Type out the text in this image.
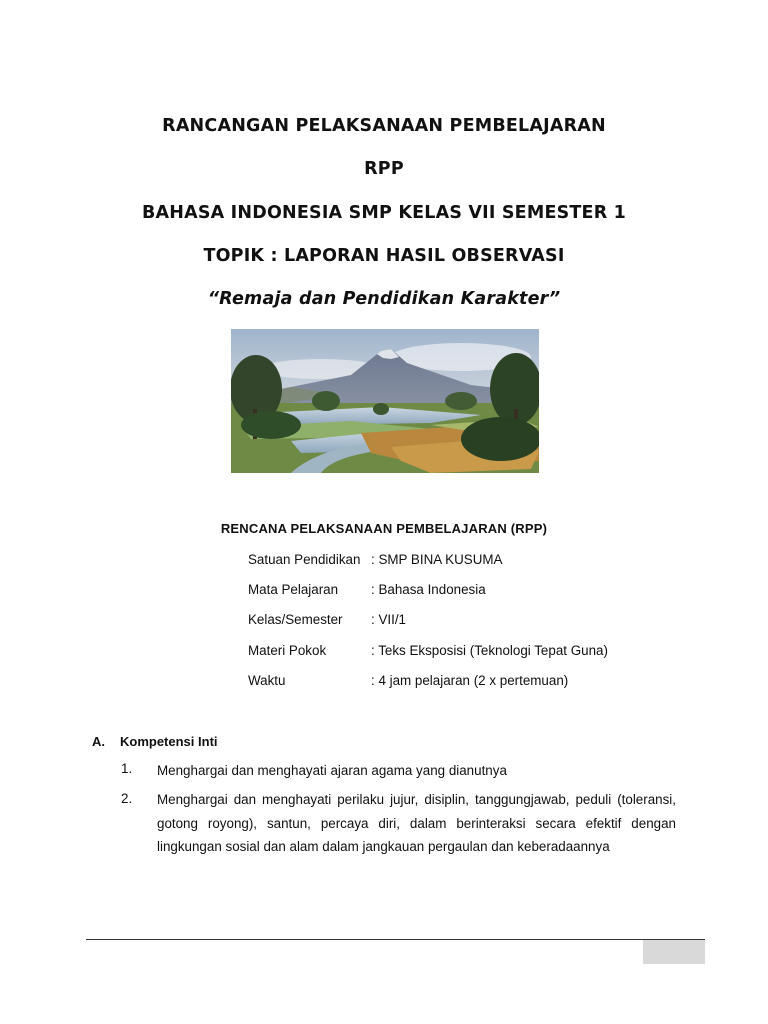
RANCANGAN PELAKSANAAN PEMBELAJARAN
RPP
BAHASA INDONESIA SMP KELAS VII SEMESTER 1
TOPIK : LAPORAN HASIL OBSERVASI
“Remaja dan Pendidikan Karakter”
RENCANA PELAKSANAAN PEMBELAJARAN (RPP)
Satuan Pendidikan : SMP BINA KUSUMA
Mata Pelajaran : Bahasa Indonesia
Kelas/Semester : VII/1
Materi Pokok	: Teks Eksposisi (Teknologi Tepat Guna)
Waktu	: 4 jam pelajaran (2 x pertemuan)
A. Kompetensi Inti
1. Menghargai dan menghayati ajaran agama yang dianutnya
2. Menghargai dan menghayati perilaku jujur, disiplin, tanggungjawab, peduli (toleransi, gotong royong), santun, percaya diri, dalam berinteraksi secara efektif dengan lingkungan sosial dan alam dalam jangkauan pergaulan dan keberadaannya
